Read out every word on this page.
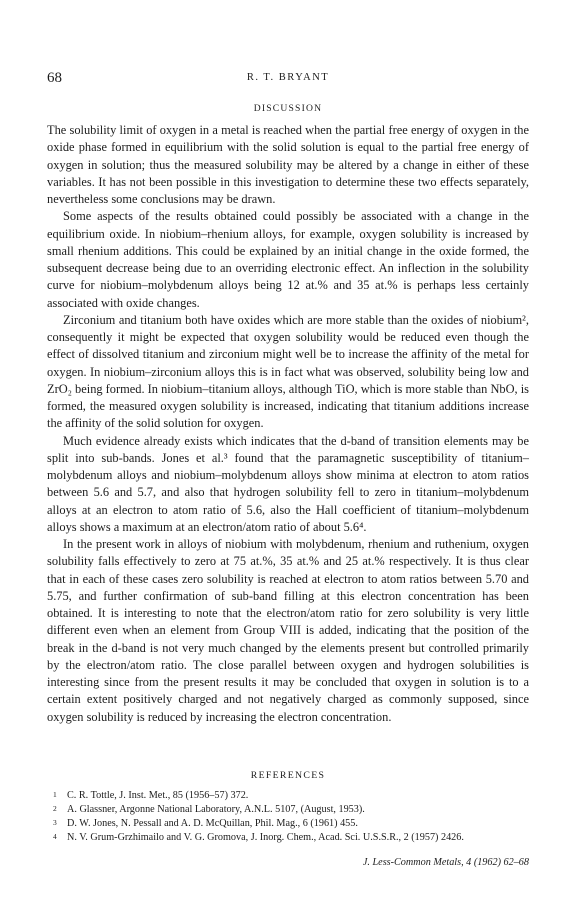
68	R. T. BRYANT
DISCUSSION

The solubility limit of oxygen in a metal is reached when the partial free energy of oxygen in the oxide phase formed in equilibrium with the solid solution is equal to the partial free energy of oxygen in solution; thus the measured solubility may be altered by a change in either of these variables. It has not been possible in this investigation to determine these two effects separately, nevertheless some conclusions may be drawn.

Some aspects of the results obtained could possibly be associated with a change in the equilibrium oxide. In niobium–rhenium alloys, for example, oxygen solubility is increased by small rhenium additions. This could be explained by an initial change in the oxide formed, the subsequent decrease being due to an overriding electronic effect. An inflection in the solubility curve for niobium–molybdenum alloys being 12 at.% and 35 at.% is perhaps less certainly associated with oxide changes.

Zirconium and titanium both have oxides which are more stable than the oxides of niobium², consequently it might be expected that oxygen solubility would be reduced even though the effect of dissolved titanium and zirconium might well be to increase the affinity of the metal for oxygen. In niobium–zirconium alloys this is in fact what was observed, solubility being low and ZrO₂ being formed. In niobium–titanium alloys, although TiO, which is more stable than NbO, is formed, the measured oxygen solubility is increased, indicating that titanium additions increase the affinity of the solid solution for oxygen.

Much evidence already exists which indicates that the d-band of transition elements may be split into sub-bands. Jones et al.³ found that the paramagnetic susceptibility of titanium–molybdenum alloys and niobium–molybdenum alloys show minima at electron to atom ratios between 5.6 and 5.7, and also that hydrogen solubility fell to zero in titanium–molybdenum alloys at an electron to atom ratio of 5.6, also the Hall coefficient of titanium–molybdenum alloys shows a maximum at an electron/​atom ratio of about 5.6⁴.

In the present work in alloys of niobium with molybdenum, rhenium and ruthenium, oxygen solubility falls effectively to zero at 75 at.%, 35 at.% and 25 at.% respectively. It is thus clear that in each of these cases zero solubility is reached at electron to atom ratios between 5.70 and 5.75, and further confirmation of sub-band filling at this electron concentration has been obtained. It is interesting to note that the electron/​atom ratio for zero solubility is very little different even when an element from Group VIII is added, indicating that the position of the break in the d-band is not very much changed by the elements present but controlled primarily by the electron/​atom ratio. The close parallel between oxygen and hydrogen solubilities is interesting since from the present results it may be concluded that oxygen in solution is to a certain extent positively charged and not negatively charged as commonly supposed, since oxygen solubility is reduced by increasing the electron concentration.

REFERENCES
1 C. R. Tottle, J. Inst. Met., 85 (1956–57) 372.
2 A. Glassner, Argonne National Laboratory, A.N.L. 5107, (August, 1953).
3 D. W. Jones, N. Pessall and A. D. McQuillan, Phil. Mag., 6 (1961) 455.
4 N. V. Grum-Grzhimailo and V. G. Gromova, J. Inorg. Chem., Acad. Sci. U.S.S.R., 2 (1957) 2426.
J. Less-Common Metals, 4 (1962) 62–68
